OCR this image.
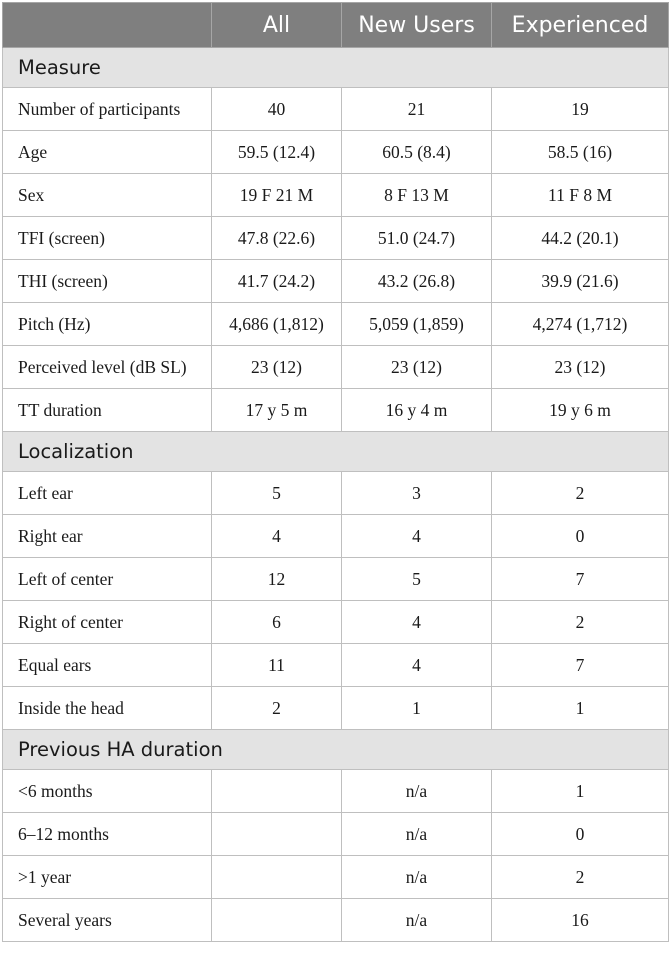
	All	New Users	Experienced
Measure			
Number of participants	40	21	19
Age	59.5 (12.4)	60.5 (8.4)	58.5 (16)
Sex	19 F 21 M	8 F 13 M	11 F 8 M
TFI (screen)	47.8 (22.6)	51.0 (24.7)	44.2 (20.1)
THI (screen)	41.7 (24.2)	43.2 (26.8)	39.9 (21.6)
Pitch (Hz)	4,686 (1,812)	5,059 (1,859)	4,274 (1,712)
Perceived level (dB SL)	23 (12)	23 (12)	23 (12)
TT duration	17 y 5 m	16 y 4 m	19 y 6 m
Localization			
Left ear	5	3	2
Right ear	4	4	0
Left of center	12	5	7
Right of center	6	4	2
Equal ears	11	4	7
Inside the head	2	1	1
Previous HA duration			
<6 months		n/a	1
6–12 months		n/a	0
>1 year		n/a	2
Several years		n/a	16
